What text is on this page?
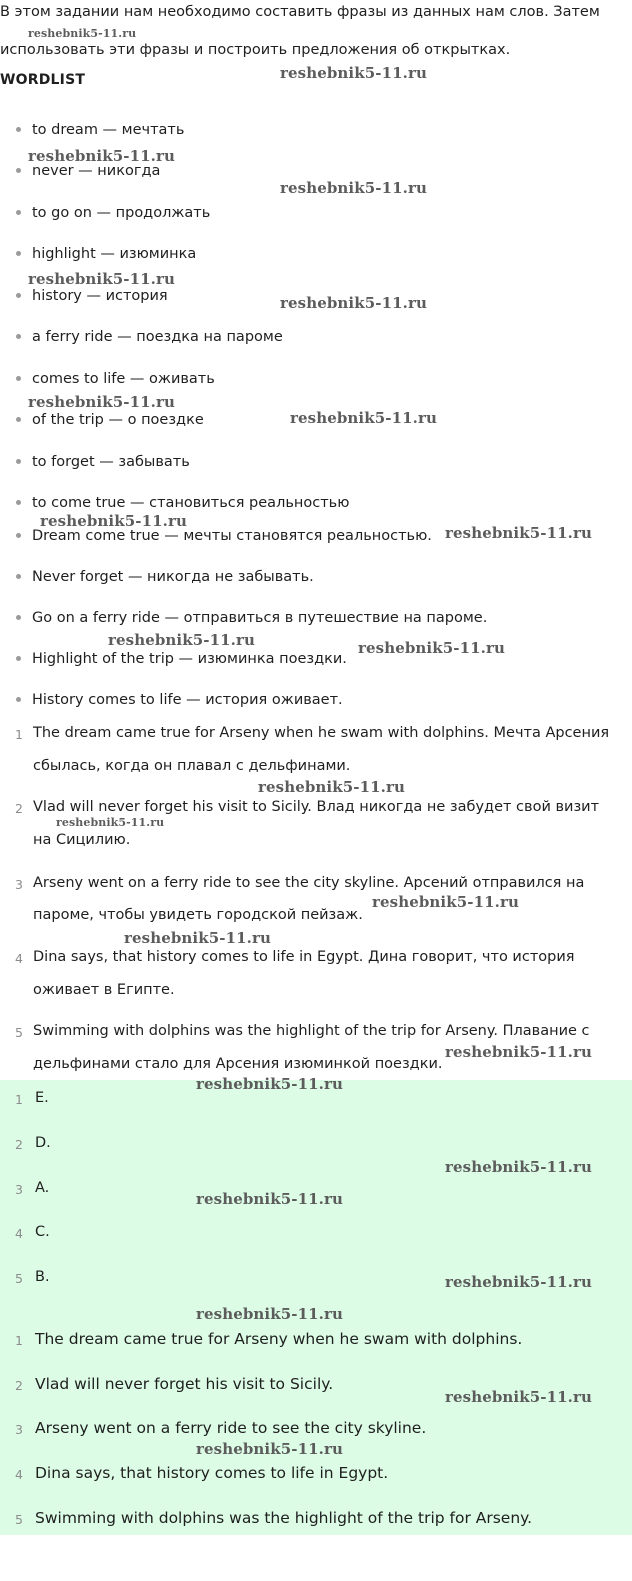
В этом задании нам необходимо составить фразы из данных нам слов. Затем
использовать эти фразы и построить предложения об открытках.
WORDLIST
to dream — мечтать
never — никогда
to go on — продолжать
highlight — изюминка
history — история
a ferry ride — поездка на пароме
comes to life — оживать
of the trip — о поездке
to forget — забывать
to come true — становиться реальностью
Dream come true — мечты становятся реальностью.
Never forget — никогда не забывать.
Go on a ferry ride — отправиться в путешествие на пароме.
Highlight of the trip — изюминка поездки.
History comes to life — история оживает.
1 The dream came true for Arseny when he swam with dolphins. Мечта Арсения
сбылась, когда он плавал с дельфинами.
2 Vlad will never forget his visit to Sicily. Влад никогда не забудет свой визит
на Сицилию.
3 Arseny went on a ferry ride to see the city skyline. Арсений отправился на
пароме, чтобы увидеть городской пейзаж.
4 Dina says, that history comes to life in Egypt. Дина говорит, что история
оживает в Египте.
5 Swimming with dolphins was the highlight of the trip for Arseny. Плавание с
дельфинами стало для Арсения изюминкой поездки.
1 E.
2 D.
3 A.
4 C.
5 B.
1 The dream came true for Arseny when he swam with dolphins.
2 Vlad will never forget his visit to Sicily.
3 Arseny went on a ferry ride to see the city skyline.
4 Dina says, that history comes to life in Egypt.
5 Swimming with dolphins was the highlight of the trip for Arseny.
reshebnik5-11.ru
reshebnik5-11.ru
reshebnik5-11.ru
reshebnik5-11.ru
reshebnik5-11.ru
reshebnik5-11.ru
reshebnik5-11.ru
reshebnik5-11.ru
reshebnik5-11.ru
reshebnik5-11.ru
reshebnik5-11.ru	reshebnik5-11.ru
reshebnik5-11.ru
reshebnik5-11.ru
reshebnik5-11.ru
reshebnik5-11.ru
reshebnik5-11.ru
reshebnik5-11.ru
reshebnik5-11.ru
reshebnik5-11.ru
reshebnik5-11.ru
reshebnik5-11.ru
reshebnik5-11.ru
reshebnik5-11.ru
